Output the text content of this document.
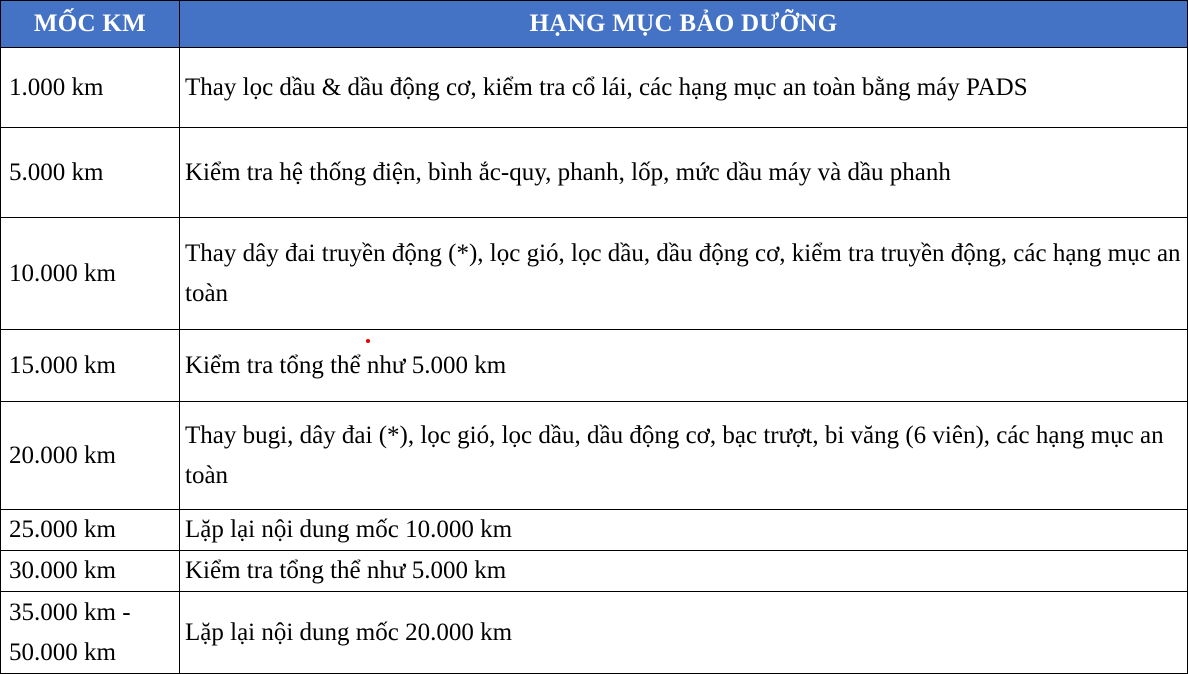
MỐC KM	HẠNG MỤC BẢO DƯỠNG
1.000 km	Thay lọc dầu & dầu động cơ, kiểm tra cổ lái, các hạng mục an toàn bằng máy PADS
5.000 km	Kiểm tra hệ thống điện, bình ắc-quy, phanh, lốp, mức dầu máy và dầu phanh
10.000 km	Thay dây đai truyền động (*), lọc gió, lọc dầu, dầu động cơ, kiểm tra truyền động, các hạng mục an toàn
15.000 km	Kiểm tra tổng thể như 5.000 km
20.000 km	Thay bugi, dây đai (*), lọc gió, lọc dầu, dầu động cơ, bạc trượt, bi văng (6 viên), các hạng mục an toàn
25.000 km	Lặp lại nội dung mốc 10.000 km
30.000 km	Kiểm tra tổng thể như 5.000 km
35.000 km - 50.000 km	Lặp lại nội dung mốc 20.000 km
